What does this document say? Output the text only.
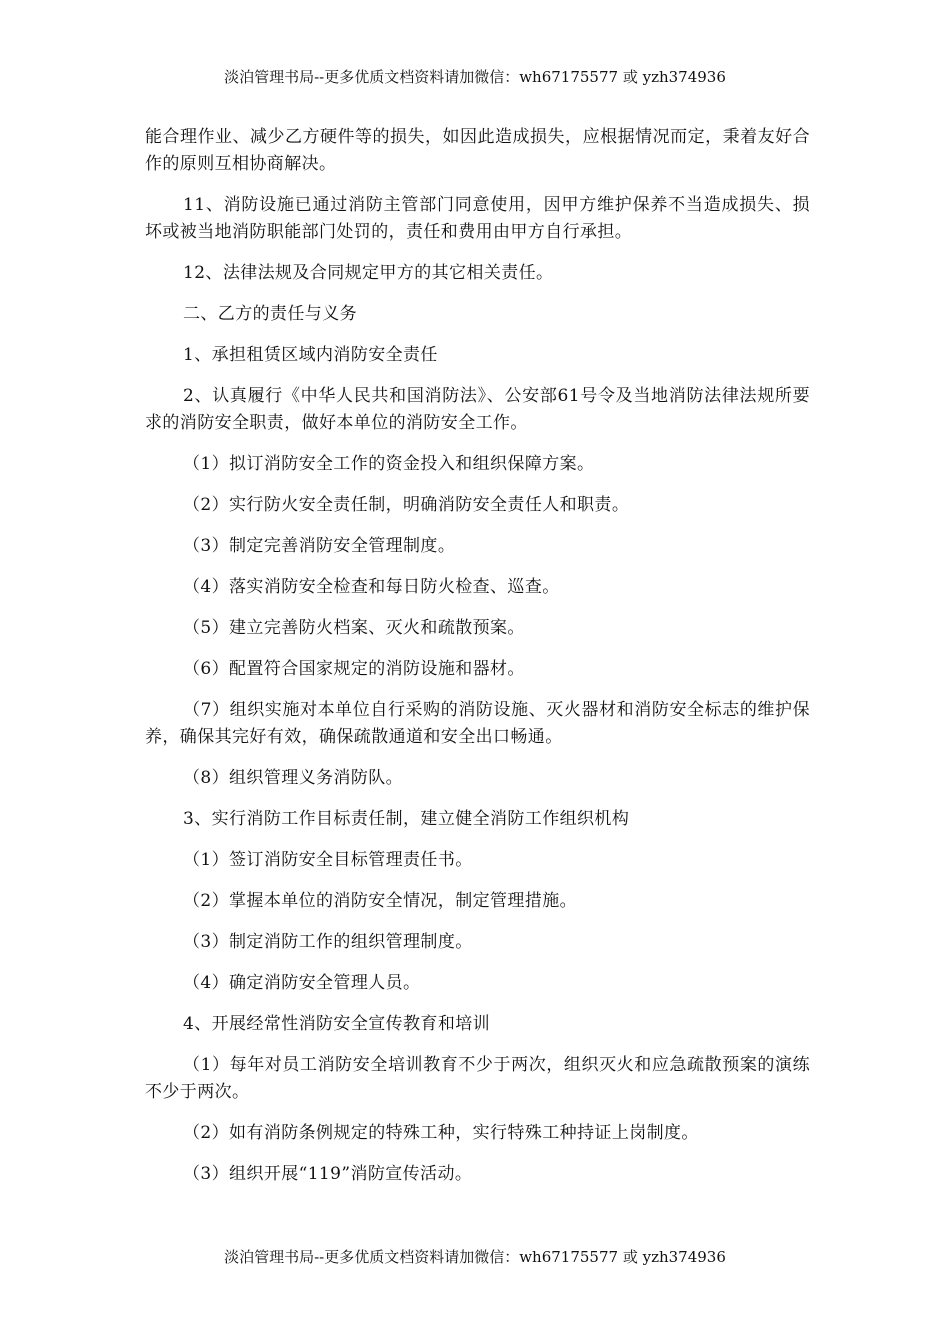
淡泊管理书局--更多优质文档资料请加微信：wh67175577 或 yzh374936

能合理作业、减少乙方硬件等的损失，如因此造成损失，应根据情况而定，秉着友好合作的原则互相协商解决。

11、消防设施已通过消防主管部门同意使用，因甲方维护保养不当造成损失、损坏或被当地消防职能部门处罚的，责任和费用由甲方自行承担。

12、法律法规及合同规定甲方的其它相关责任。

二、乙方的责任与义务

1、承担租赁区域内消防安全责任

2、认真履行《中华人民共和国消防法》、公安部61号令及当地消防法律法规所要求的消防安全职责，做好本单位的消防安全工作。

（1）拟订消防安全工作的资金投入和组织保障方案。

（2）实行防火安全责任制，明确消防安全责任人和职责。

（3）制定完善消防安全管理制度。

（4）落实消防安全检查和每日防火检查、巡查。

（5）建立完善防火档案、灭火和疏散预案。

（6）配置符合国家规定的消防设施和器材。

（7）组织实施对本单位自行采购的消防设施、灭火器材和消防安全标志的维护保养，确保其完好有效，确保疏散通道和安全出口畅通。

（8）组织管理义务消防队。

3、实行消防工作目标责任制，建立健全消防工作组织机构

（1）签订消防安全目标管理责任书。

（2）掌握本单位的消防安全情况，制定管理措施。

（3）制定消防工作的组织管理制度。

（4）确定消防安全管理人员。

4、开展经常性消防安全宣传教育和培训

（1）每年对员工消防安全培训教育不少于两次，组织灭火和应急疏散预案的演练不少于两次。

（2）如有消防条例规定的特殊工种，实行特殊工种持证上岗制度。

（3）组织开展“119”消防宣传活动。

淡泊管理书局--更多优质文档资料请加微信：wh67175577 或 yzh374936
